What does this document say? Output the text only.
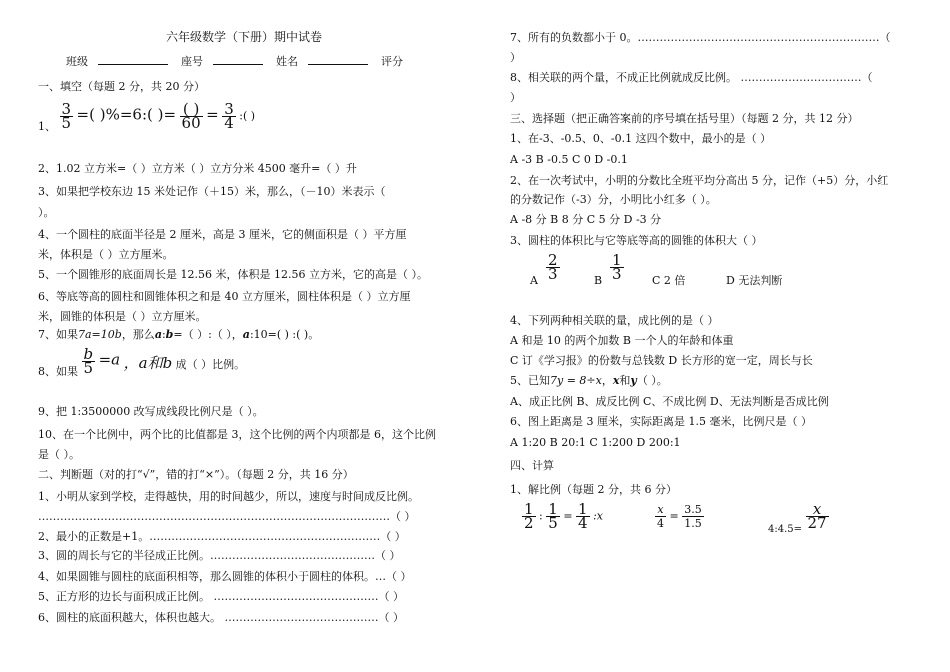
六年级数学（下册）期中试卷
班级	座号	姓名	评分
一、填空（每题 2 分，共 20 分）
1、 $\frac{3}{5}$ =( )%=6:( )= $\frac{( )}{60} = \frac{3}{4}$ :( )
2、1.02 立方米=（ ）立方米（ ）立方分米 4500 毫升=（ ）升
3、如果把学校东边 15 米处记作（＋15）米，那么，（－10）米表示（
）。
4、一个圆柱的底面半径是 2 厘米，高是 3 厘米，它的侧面积是（ ）平方厘
米，体积是（ ）立方厘米。
5、一个圆锥形的底面周长是 12.56 米，体积是 12.56 立方米，它的高是（ ）。
6、等底等高的圆柱和圆锥体积之和是 40 立方厘米，圆柱体积是（ ）立方厘
米，圆锥的体积是（ ）立方厘米。
7、如果7a=10b，那么a:b=（ ）:（ ），a:10=( ) :( )。
8、如果 $\frac{b}{5} =a$ ，a和b 成（ ）比例。
9、把 1:3500000 改写成线段比例尺是（ ）。
10、在一个比例中，两个比的比值都是 3，这个比例的两个内项都是 6，这个比例
是（ ）。
二、判断题（对的打“√”，错的打“×”）。（每题 2 分，共 16 分）
1、小明从家到学校，走得越快，用的时间越少，所以，速度与时间成反比例。
……………………………………………………………………………………（ ）
2、最小的正数是+1。………………………………………………………（ ）
3、圆的周长与它的半径成正比例。………………………………………（ ）
4、如果圆锥与圆柱的底面积相等，那么圆锥的体积小于圆柱的体积。…（ ）
5、正方形的边长与面积成正比例。 ………………………………………（ ）
6、圆柱的底面积越大，体积也越大。 ……………………………………（ ）
7、所有的负数都小于 0。…………………………………………………………（
）
8、相关联的两个量，不成正比例就成反比例。 ……………………………（
）
三、选择题（把正确答案前的序号填在括号里）（每题 2 分，共 12 分）
1、在-3、-0.5、0、-0.1 这四个数中，最小的是（ ）
A -3 B -0.5 C 0 D -0.1
2、在一次考试中，小明的分数比全班平均分高出 5 分，记作（+5）分，小红
的分数记作（-3）分，小明比小红多（ ）。
A -8 分 B 8 分 C 5 分 D -3 分
3、圆柱的体积比与它等底等高的圆锥的体积大（ ）
A $\frac{2}{3}$	B $\frac{1}{3}$	C 2 倍	D 无法判断
4、下列两种相关联的量，成比例的是（ ）
A 和是 10 的两个加数 B 一个人的年龄和体重
C 订《学习报》的份数与总钱数 D 长方形的宽一定，周长与长
5、已知7y = 8÷x，x和y（ ）。
A、成正比例 B、成反比例 C、不成比例 D、无法判断是否成比例
6、图上距离是 3 厘米，实际距离是 1.5 毫米，比例尺是（ ）
A 1:20 B 20:1 C 1:200 D 200:1
四、计算
1、解比例（每题 2 分，共 6 分）
$\frac{1}{2}$ : $\frac{1}{5} = \frac{1}{4}$ :x	$\frac{x}{4} = \frac{3.5}{1.5}$	4:4.5= $\frac{x}{27}$
